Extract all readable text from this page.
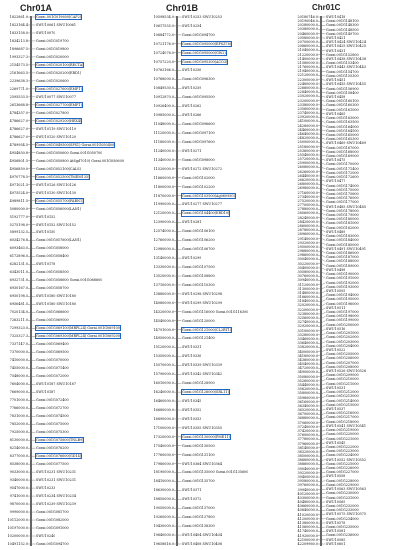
Chr01A	Chr01B	Chr01C
1822861.0
1823164.4
1833158.0
1834213.8
1896687.5
1993327.3
2154573.5
2161663.5
2239638.3
2269771.0
2595533.5
2613668.8
4784357.0
4786627.0
4786627.0
4786627.0
4789954.5
4954850.8
4956801.5
4956859.0
4970778.5
4971021.5
4975524.0
4989811.5
5080000.0
5192777.0
5275198.0
5899132.5
6034276.8
6093463.0
6172896.0
6282131.0
6343011.0
6932731.0
6930167.0
6950198.5
6956481.5
7020134.0
7263211.0
7299323.0
7325327.3
7337147.0
7370000.0
7410000.0
7455000.0
7548000.0
7604000.0
7669000.0
7701000.0
7766000.0
7831000.0
7852000.0
7925000.0
8130000.0
8214000.0
8377000.0
8538000.0
9033000.0
9340000.0
9547000.0
9741000.0
9870000.0
9990000.0
10112000.0
10197000.0
10200000.0
10491152.0
Goraι.001G019600(CAP2)
SWU10061 SWU10061
SWU10070
Gorai.001G019700
Gorai.001G019800
Gorai.001G020000
Gorai.001G020100(RECTA)
Gorai.001G020200(ERD1)
Gorai.001G020600
Gorai.001G027600(EMF1)
SWU10077 SWU10077
Gorai.001G027700(EMF1)
Gorai.001G027800
Gorai.001G029200(HEX4)
SWU10119 SWU10119
SWU10120 SWU10120
Gorai.001G049500(SPS1) Gorai.001G050400
Gorai.001G050600 Gorai.001G050700
Gorai.001G050800 AtSgd7010) Gorai.001G050600
Gorai.001G052100(CALS)
Gorai.001G052500(TMEM135)
SWU10126 SWU10126
SWU10130 SWU10130
Gorai.001G055700(FABN1)
Gorai.001G056000(LAN1)
SWU10152
SWU10152 SWU10152
SWU10150
Gorai.001G057600(LAN1)
Gorai.001G058000
Gorai.001G058400
SWU10178
Gorai.001G058500
Gorai.001G058600 Gorai.001G068600
Gorai.001G058700
SWU10180 SWU10180
SWU10180 SWU10180
Gorai.001G068600
Gorai.001G069000
Gorai.001G069100(MRPL24) Gorai.001G069100
Gorai.001G069300(MRPL24) Gorai.001G069200
Gorai.001G069400
Gorai.001G069500
Gorai.001G070000
Gorai.001G071400
Gorai.001G072000
SWU10187 SWU10187
SWU10187
Gorai.001G072400
Gorai.001G072700
Gorai.001G074500
Gorai.001G075000
Gorai.001G075300
Gorai.001G075600(TNLB9)
Gorai.001G076200
Gorai.001G076600(GD14)
Gorai.001G077500
SWU10231 SWU10231
SWU10231 SWU10231
SWU10233
SWU10234 SWU10234
SWU10239 SWU10239
Gorai.001G081700
Gorai.001G082000
Gorai.001G091000
SWU10240
Gorai.001G094700
10598534.0
10617555.0
10684772.0
10721176.0
10724078.0
10757220.0
10763166.0
10768000.0
10849530.0
10912870.0
10926400.0
10985000.0
11048000.0
11120000.0
11180000.0
11240000.0
11340000.0
11520000.0
11660000.0
11800000.0
11870000.0
11990000.0
12120000.0
12390000.0
12574000.0
12760000.0
12980000.0
13140000.0
13330000.0
13520000.0
13710000.0
13880000.0
14080000.0
14320000.0
14540000.0
14791000.0
14950000.0
15120000.0
15350000.0
15570000.0
15790000.0
16010000.0
16240000.0
16460000.0
16680000.0
16890000.0
17100000.0
17320000.0
17540000.0
17760000.0
17980000.0
18190000.0
18410000.0
18630000.0
18850000.0
19050000.0
19260000.0
19430000.0
19640000.0
19658816.0
SWU10253 SWU10253
SWU10254
Gorai.001G094700
Gorai.001G095000(EPSZ78)
Gorai.001G095000(GW2)
Gorai.001G095300(ACO3)
SWU10256
Gorai.001G096300
SWU10259
Gorai.001G095500
SWU10262
SWU10266
Gorai.001G096600
Gorai.001G097100
Gorai.001G097600
SWU10271
Gorai.001G098000
SWU10272 SWU10272
Gorai.001G102000
Gorai.001G102200
Gorai.001G103500(Ag060950)
SWU10277 SWU10277
Gorai.001G104400(ERD10)
SWU10281
Gorai.001G106100
Gorai.001G106200
Gorai.001G106700
SWU10299
Gorai.001G107500
Gorai.001G108800
Gorai.001G110300
SWU10298 SWU10298
SWU10299 SWU10299
Gorai.001G116000 Gorai.001G116300
Gorai.001G120000
Gorai.001G121000(CL2RT1)
Gorai.001G121400
SWU10331
SWU10336
SWU10339 SWU10339
SWU10342 SWU10342
Gorai.001G128900
Gorai.001G126000(SRL11)
SWU10345
SWU10352
SWU10353
SWU10355 SWU10355
Gorai.001G130000(PME11)
Gorai.001G130500
Gorai.001G131100
SWU10364 SWU10364
Gorai.001G135000 Gorai.001G135600
Gorai.001G135700
SWU10371
SWU10372
Gorai.001G137000
Gorai.001G137800
Gorai.001G138300
SWU10404 SWU10404
SWU10408 SWU10408
20180746.0
20190046.0
20280000.0
20380000.0
20460000.0
20580000.0
20700000.0
20860000.0
21040000.0
21220000.0
21400000.0
21580000.0
21760000.0
21940000.0
22120000.0
22300000.0
22480000.0
22660000.0
22840000.0
23020000.0
23200000.0
23380000.0
23560000.0
23740000.0
23920000.0
24100000.0
24280000.0
24460000.0
24640000.0
24820000.0
25000000.0
25180000.0
25360000.0
25540000.0
25720000.0
25900000.0
26080000.0
26260000.0
26440000.0
26620000.0
26800000.0
26980000.0
27160000.0
27340000.0
27520000.0
27700000.0
27880000.0
28060000.0
28240000.0
28420000.0
28600000.0
28780000.0
28960000.0
29140000.0
29320000.0
29500000.0
29680000.0
29860000.0
30040000.0
30220000.0
30400000.0
30580000.0
30760000.0
30940000.0
31120000.0
31300000.0
31480000.0
31660000.0
31840000.0
32020000.0
32200000.0
32380000.0
32560000.0
32740000.0
32920000.0
33100000.0
33280000.0
33460000.0
33640000.0
33820000.0
34000000.0
34180000.0
34360000.0
34540000.0
34720000.0
34900000.0
35080000.0
35260000.0
35440000.0
35620000.0
35800000.0
35980000.0
36160000.0
36340000.0
36520000.0
36700000.0
36880000.0
37060000.0
37240000.0
37420000.0
37600000.0
37780000.0
37960000.0
38140000.0
38320000.0
38500000.0
38680000.0
38860000.0
39040000.0
39220000.0
39400000.0
39580000.0
39760000.0
39940000.0
40120000.0
40300000.0
40480000.0
40660000.0
40840000.0
41020000.0
41200000.0
41380000.0
41560000.0
41740000.0
41920000.0
42100000.0
42209960.0
SWU10418
Gorai.001G148100
Gorai.001G148300
Gorai.001G148500
Gorai.001G149700
SWU10421
SWU10424 SWU10424
SWU10425 SWU10425
SWU10431
Gorai.001G152800
SWU10438 SWU10438
Gorai.001G153400
SWU10443 SWU10443
Gorai.001G154700
Gorai.001G155300
SWU10451
SWU10455 SWU10455
Gorai.001G156900
Gorai.001G158400
SWU10458
Gorai.001G160100
Gorai.001G160300
Gorai.001G161000
SWU10465
Gorai.001G163000
Gorai.001G163500
Gorai.001G164000
Gorai.001G164500
Gorai.001G165000
Gorai.001G165300
SWU10469 SWU10469
Gorai.001G167000
Gorai.001G168000
Gorai.001G169000
SWU10475
Gorai.001G170000
Gorai.001G171400
Gorai.001G172000
Gorai.001G172600
SWU10477
Gorai.001G174000
Gorai.001G175000
Gorai.001G175600
Gorai.001G176000
Gorai.001G177000
SWU10485 SWU10485
Gorai.001G178000
Gorai.001G179000
Gorai.001G180000
Gorai.001G181000
Gorai.001G182000
SWU10489
Gorai.001G183000
Gorai.001G184000
Gorai.001G185000
SWU10491 SWU10491
Gorai.001G186000
Gorai.001G187000
Gorai.001G188000
Gorai.001G189000
SWU10498
Gorai.001G190000
Gorai.001G191000
Gorai.001G192000
Gorai.001G193000
SWU10505
Gorai.001G194000
Gorai.001G195000
Gorai.001G196000
SWU10511
Gorai.001G197000
Gorai.001G198000
Gorai.001G199000
Gorai.001G200000
SWU10516
Gorai.001G201000
Gorai.001G202000
Gorai.001G203000
Gorai.001G204000
SWU10522
Gorai.001G205000
Gorai.001G206000
Gorai.001G207000
Gorai.001G208000
SWU10526 SWU10526
Gorai.001G209000
Gorai.001G210000
Gorai.001G211000
SWU10531
Gorai.001G212000
Gorai.001G213000
Gorai.001G214000
Gorai.001G215000
SWU10537
Gorai.001G216000
Gorai.001G217000
Gorai.001G218000
SWU10541 SWU10541
Gorai.001G219000
Gorai.001G220000
Gorai.001G221000
SWU10545
Gorai.001G222000
Gorai.001G223000
Gorai.001G224000
SWU10552 SWU10552
Gorai.001G225000
Gorai.001G226000
Gorai.001G227000
SWU10558
Gorai.001G228000
Gorai.001G229000
SWU10563 SWU10563
Gorai.001G230000
Gorai.001G231000
SWU10569
Gorai.001G232000
Gorai.001G233000
SWU10575 SWU10575
Gorai.001G234000
SWU10578
Gorai.001G235000
SWU10581
Gorai.001G236000
SWU10585
SWU10601
